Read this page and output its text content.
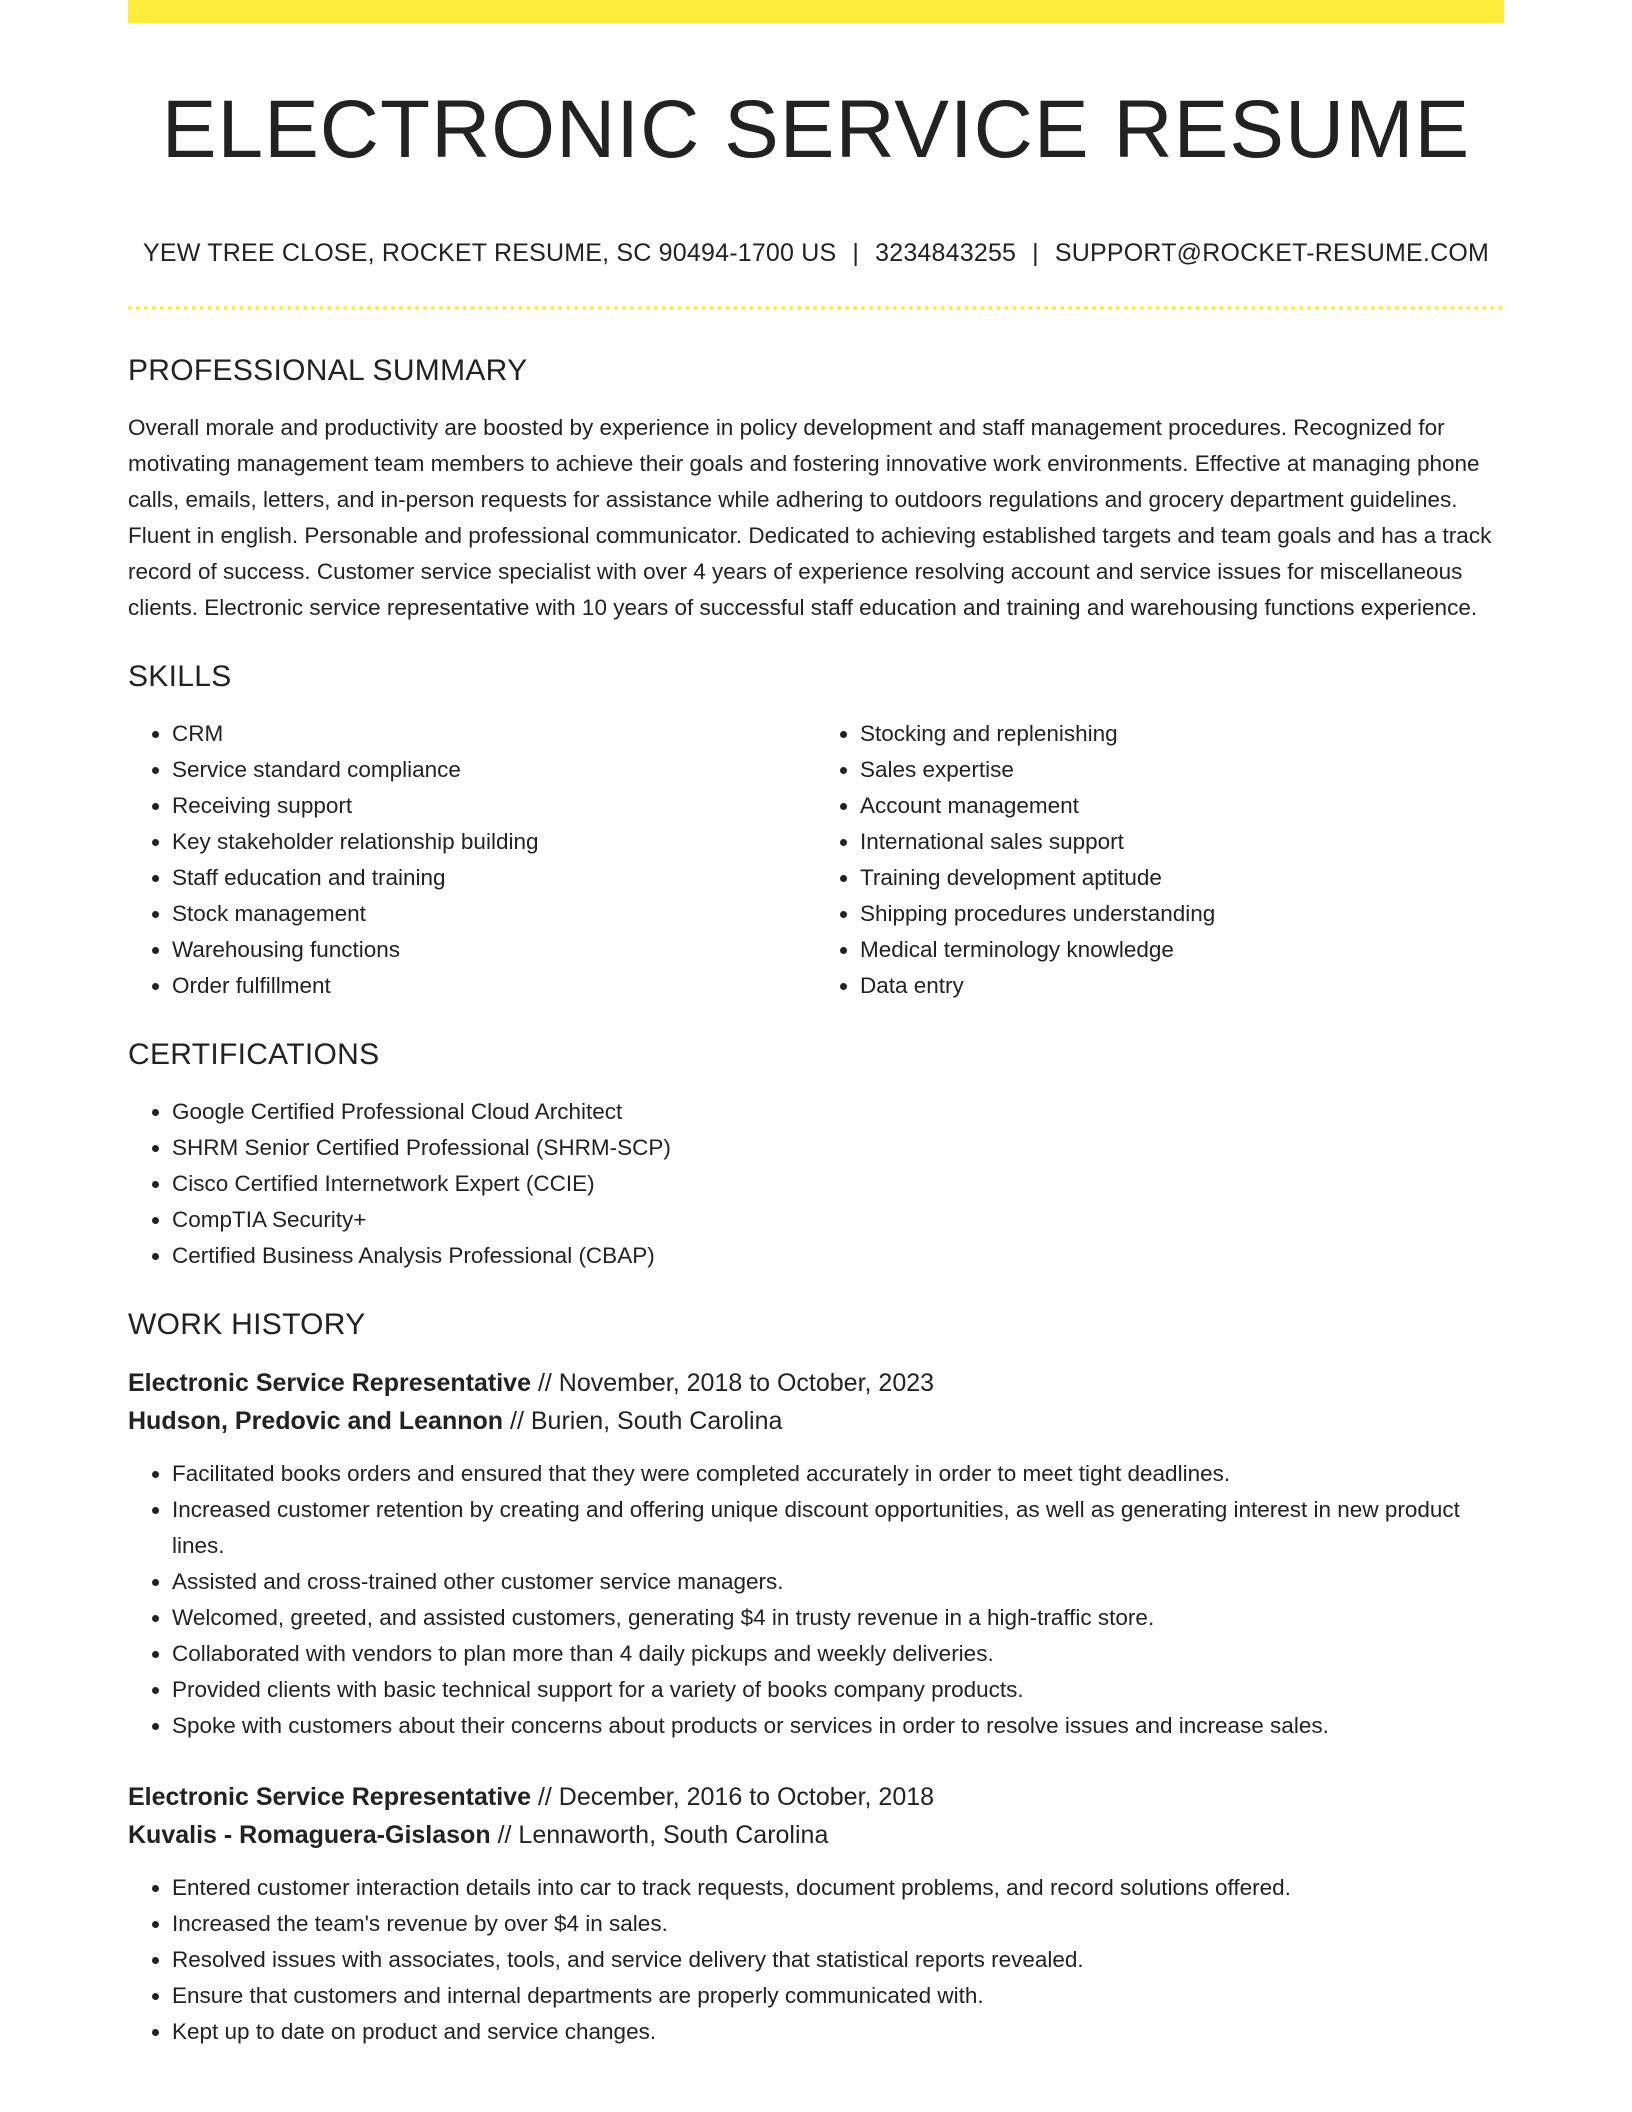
ELECTRONIC SERVICE RESUME
YEW TREE CLOSE, ROCKET RESUME, SC 90494-1700 US | 3234843255 | SUPPORT@ROCKET-RESUME.COM
PROFESSIONAL SUMMARY

Overall morale and productivity are boosted by experience in policy development and staff management procedures. Recognized for motivating management team members to achieve their goals and fostering innovative work environments. Effective at managing phone calls, emails, letters, and in-person requests for assistance while adhering to outdoors regulations and grocery department guidelines. Fluent in english. Personable and professional communicator. Dedicated to achieving established targets and team goals and has a track record of success. Customer service specialist with over 4 years of experience resolving account and service issues for miscellaneous clients. Electronic service representative with 10 years of successful staff education and training and warehousing functions experience.

SKILLS
• CRM
• Service standard compliance
• Receiving support
• Key stakeholder relationship building
• Staff education and training
• Stock management
• Warehousing functions
• Order fulfillment
• Stocking and replenishing
• Sales expertise
• Account management
• International sales support
• Training development aptitude
• Shipping procedures understanding
• Medical terminology knowledge
• Data entry
CERTIFICATIONS
• Google Certified Professional Cloud Architect
• SHRM Senior Certified Professional (SHRM-SCP)
• Cisco Certified Internetwork Expert (CCIE)
• CompTIA Security+
• Certified Business Analysis Professional (CBAP)
WORK HISTORY
Electronic Service Representative // November, 2018 to October, 2023
Hudson, Predovic and Leannon // Burien, South Carolina
• Facilitated books orders and ensured that they were completed accurately in order to meet tight deadlines.
• Increased customer retention by creating and offering unique discount opportunities, as well as generating interest in new product lines.
• Assisted and cross-trained other customer service managers.
• Welcomed, greeted, and assisted customers, generating $4 in trusty revenue in a high-traffic store.
• Collaborated with vendors to plan more than 4 daily pickups and weekly deliveries.
• Provided clients with basic technical support for a variety of books company products.
• Spoke with customers about their concerns about products or services in order to resolve issues and increase sales.
Electronic Service Representative // December, 2016 to October, 2018
Kuvalis - Romaguera-Gislason // Lennaworth, South Carolina
• Entered customer interaction details into car to track requests, document problems, and record solutions offered.
• Increased the team's revenue by over $4 in sales.
• Resolved issues with associates, tools, and service delivery that statistical reports revealed.
• Ensure that customers and internal departments are properly communicated with.
• Kept up to date on product and service changes.
